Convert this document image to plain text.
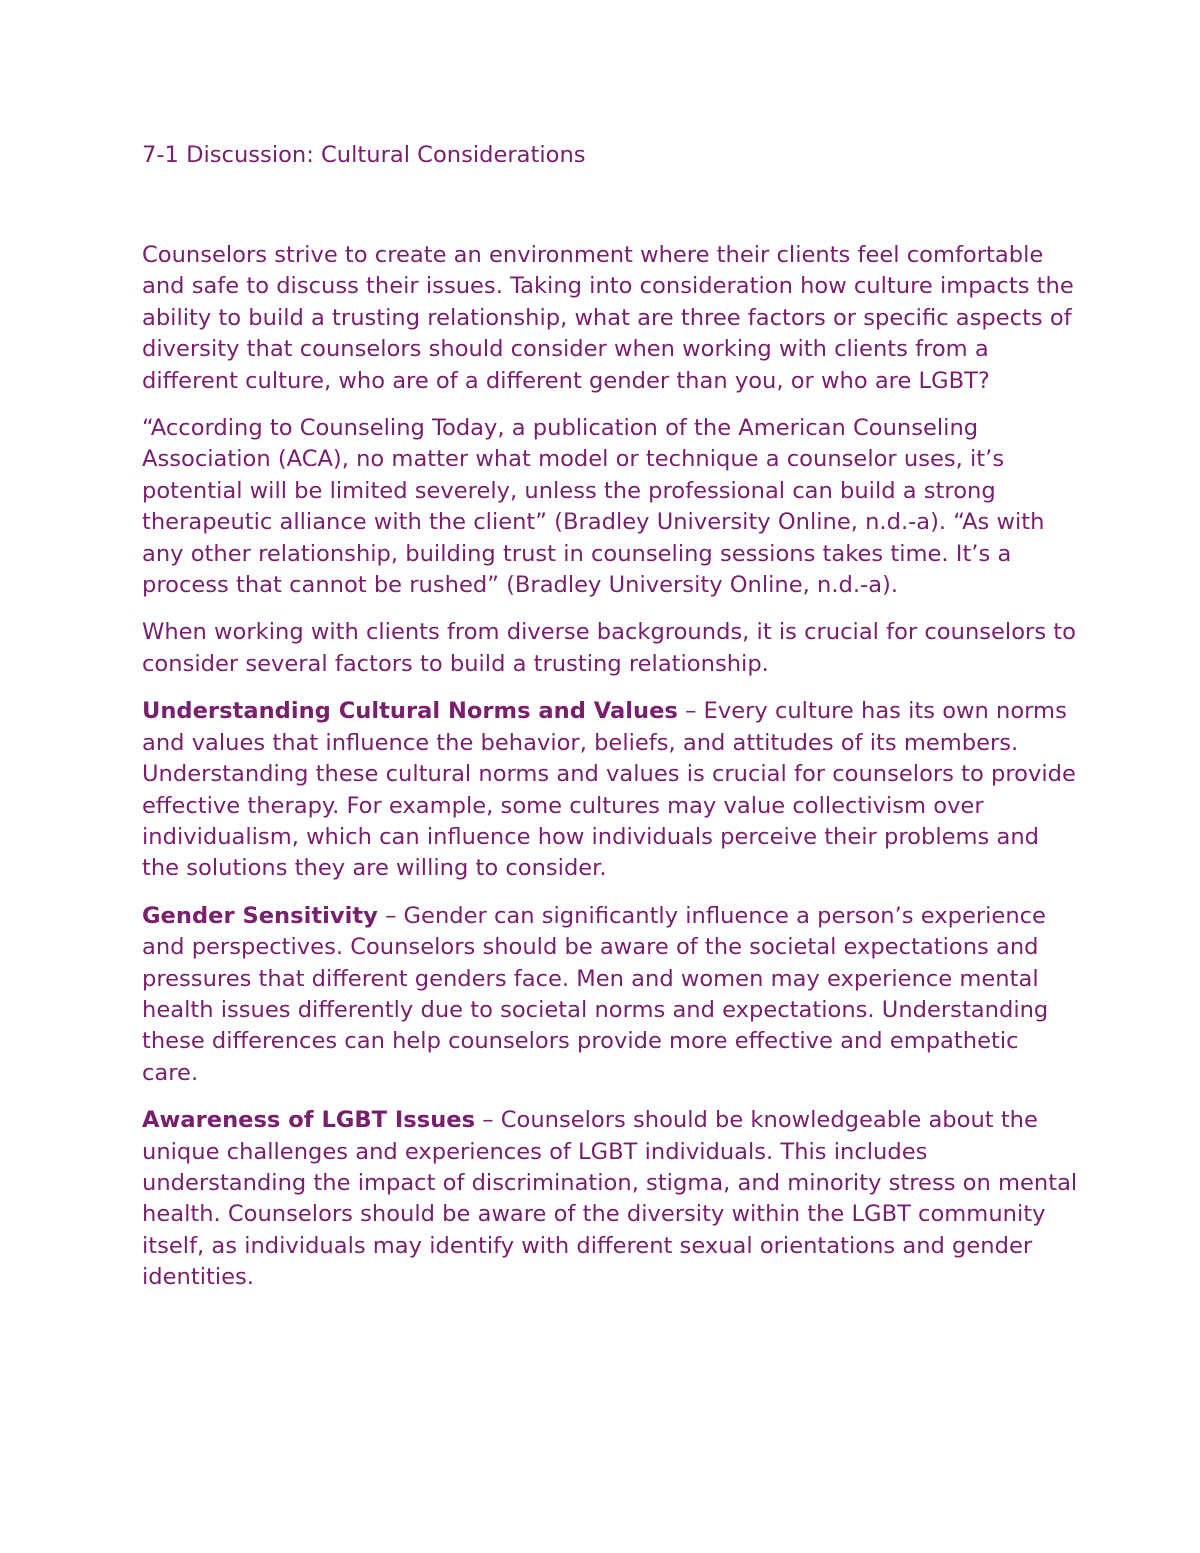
7-1 Discussion: Cultural Considerations

Counselors strive to create an environment where their clients feel comfortable and safe to discuss their issues. Taking into consideration how culture impacts the ability to build a trusting relationship, what are three factors or specific aspects of diversity that counselors should consider when working with clients from a different culture, who are of a different gender than you, or who are LGBT?

“According to Counseling Today, a publication of the American Counseling Association (ACA), no matter what model or technique a counselor uses, it’s potential will be limited severely, unless the professional can build a strong therapeutic alliance with the client” (Bradley University Online, n.d.-a). “As with any other relationship, building trust in counseling sessions takes time. It’s a process that cannot be rushed” (Bradley University Online, n.d.-a).

When working with clients from diverse backgrounds, it is crucial for counselors to consider several factors to build a trusting relationship.

Understanding Cultural Norms and Values – Every culture has its own norms and values that influence the behavior, beliefs, and attitudes of its members. Understanding these cultural norms and values is crucial for counselors to provide effective therapy. For example, some cultures may value collectivism over individualism, which can influence how individuals perceive their problems and the solutions they are willing to consider.

Gender Sensitivity – Gender can significantly influence a person’s experience and perspectives. Counselors should be aware of the societal expectations and pressures that different genders face. Men and women may experience mental health issues differently due to societal norms and expectations. Understanding these differences can help counselors provide more effective and empathetic care.

Awareness of LGBT Issues – Counselors should be knowledgeable about the unique challenges and experiences of LGBT individuals. This includes understanding the impact of discrimination, stigma, and minority stress on mental health. Counselors should be aware of the diversity within the LGBT community itself, as individuals may identify with different sexual orientations and gender identities.
